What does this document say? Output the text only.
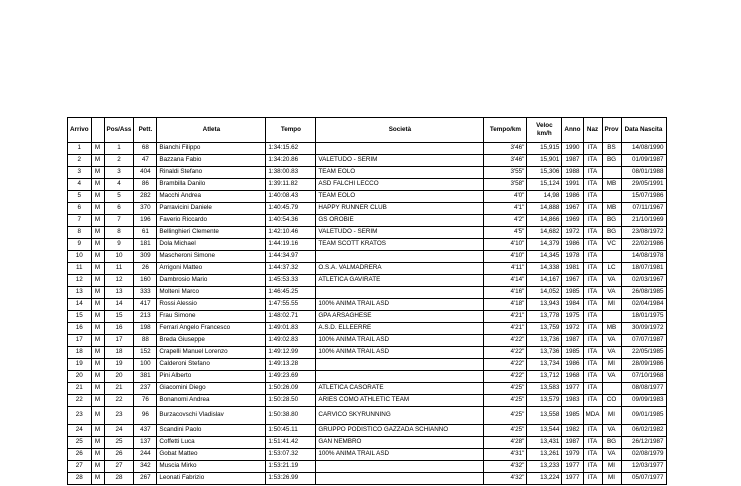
Arrivo		Pos/Ass	Pett.	Atleta	Tempo	Società	Tempo/km	Veloc km/h	Anno	Naz	Prov	Data Nascita
1	M	1	68	Bianchi Filippo	1:34:15.62		3'46"	15,915	1990	ITA	BS	14/08/1990
2	M	2	47	Bazzana Fabio	1:34:20.86	VALETUDO - SERIM	3'46"	15,901	1987	ITA	BG	01/09/1987
3	M	3	404	Rinaldi Stefano	1:38:00.83	TEAM EOLO	3'55"	15,306	1988	ITA		08/01/1988
4	M	4	86	Brambilla Danilo	1:39:11.82	ASD FALCHI LECCO	3'58"	15,124	1991	ITA	MB	29/05/1991
5	M	5	282	Macchi Andrea	1:40:08.43	TEAM EOLO	4'0"	14,98	1986	ITA		15/07/1986
6	M	6	370	Parravicini Daniele	1:40:45.79	HAPPY RUNNER CLUB	4'1"	14,888	1967	ITA	MB	07/11/1967
7	M	7	196	Faverio Riccardo	1:40:54.36	GS OROBIE	4'2"	14,866	1969	ITA	BG	21/10/1969
8	M	8	61	Bellinghieri Clemente	1:42:10.46	VALETUDO - SERIM	4'5"	14,682	1972	ITA	BG	23/08/1972
9	M	9	181	Dola Michael	1:44:19.16	TEAM SCOTT KRATOS	4'10"	14,379	1986	ITA	VC	22/02/1986
10	M	10	309	Mascheroni Simone	1:44:34.97		4'10"	14,345	1978	ITA		14/08/1978
11	M	11	26	Arrigoni Matteo	1:44:37.32	O.S.A. VALMADRERA	4'11"	14,338	1981	ITA	LC	18/07/1981
12	M	12	160	Dambrosio Mario	1:45:53.33	ATLETICA GAVIRATE	4'14"	14,167	1967	ITA	VA	02/03/1967
13	M	13	333	Molteni Marco	1:46:45.25		4'16"	14,052	1985	ITA	VA	26/08/1985
14	M	14	417	Rossi Alessio	1:47:55.55	100% ANIMA TRAIL ASD	4'18"	13,943	1984	ITA	MI	02/04/1984
15	M	15	213	Frau Simone	1:48:02.71	GPA ARSAGHESE	4'21"	13,778	1975	ITA		18/01/1975
16	M	16	198	Ferrari Angelo Francesco	1:49:01.83	A.S.D. ELLEERRE	4'21"	13,759	1972	ITA	MB	30/09/1972
17	M	17	88	Breda Giuseppe	1:49:02.83	100% ANIMA TRAIL ASD	4'22"	13,736	1987	ITA	VA	07/07/1987
18	M	18	152	Crapelli Manuel Lorenzo	1:49:12.99	100% ANIMA TRAIL ASD	4'22"	13,736	1985	ITA	VA	22/05/1985
19	M	19	100	Calderoni Stefano	1:49:13.28		4'22"	13,734	1986	ITA	MI	28/09/1986
20	M	20	381	Pini Alberto	1:49:23.69		4'22"	13,712	1968	ITA	VA	07/10/1968
21	M	21	237	Giacomini Diego	1:50:26.09	ATLETICA CASORATE	4'25"	13,583	1977	ITA		08/08/1977
22	M	22	76	Bonanomi Andrea	1:50:28.50	ARIES COMO ATHLETIC TEAM	4'25"	13,579	1983	ITA	CO	09/09/1983
23	M	23	96	Burzacovschi Vladislav	1:50:38.80	CARVICO SKYRUNNING	4'25"	13,558	1985	MDA	MI	09/01/1985
24	M	24	437	Scandini Paolo	1:50:45.11	GRUPPO PODISTICO GAZZADA SCHIANNO	4'25"	13,544	1982	ITA	VA	06/02/1982
25	M	25	137	Coffetti Luca	1:51:41.42	GAN NEMBRO	4'28"	13,431	1987	ITA	BG	26/12/1987
26	M	26	244	Gobat Matteo	1:53:07.32	100% ANIMA TRAIL ASD	4'31"	13,261	1979	ITA	VA	02/08/1979
27	M	27	342	Muscia Mirko	1:53:21.19		4'32"	13,233	1977	ITA	MI	12/03/1977
28	M	28	267	Leonati Fabrizio	1:53:26.99		4'32"	13,224	1977	ITA	MI	05/07/1977
